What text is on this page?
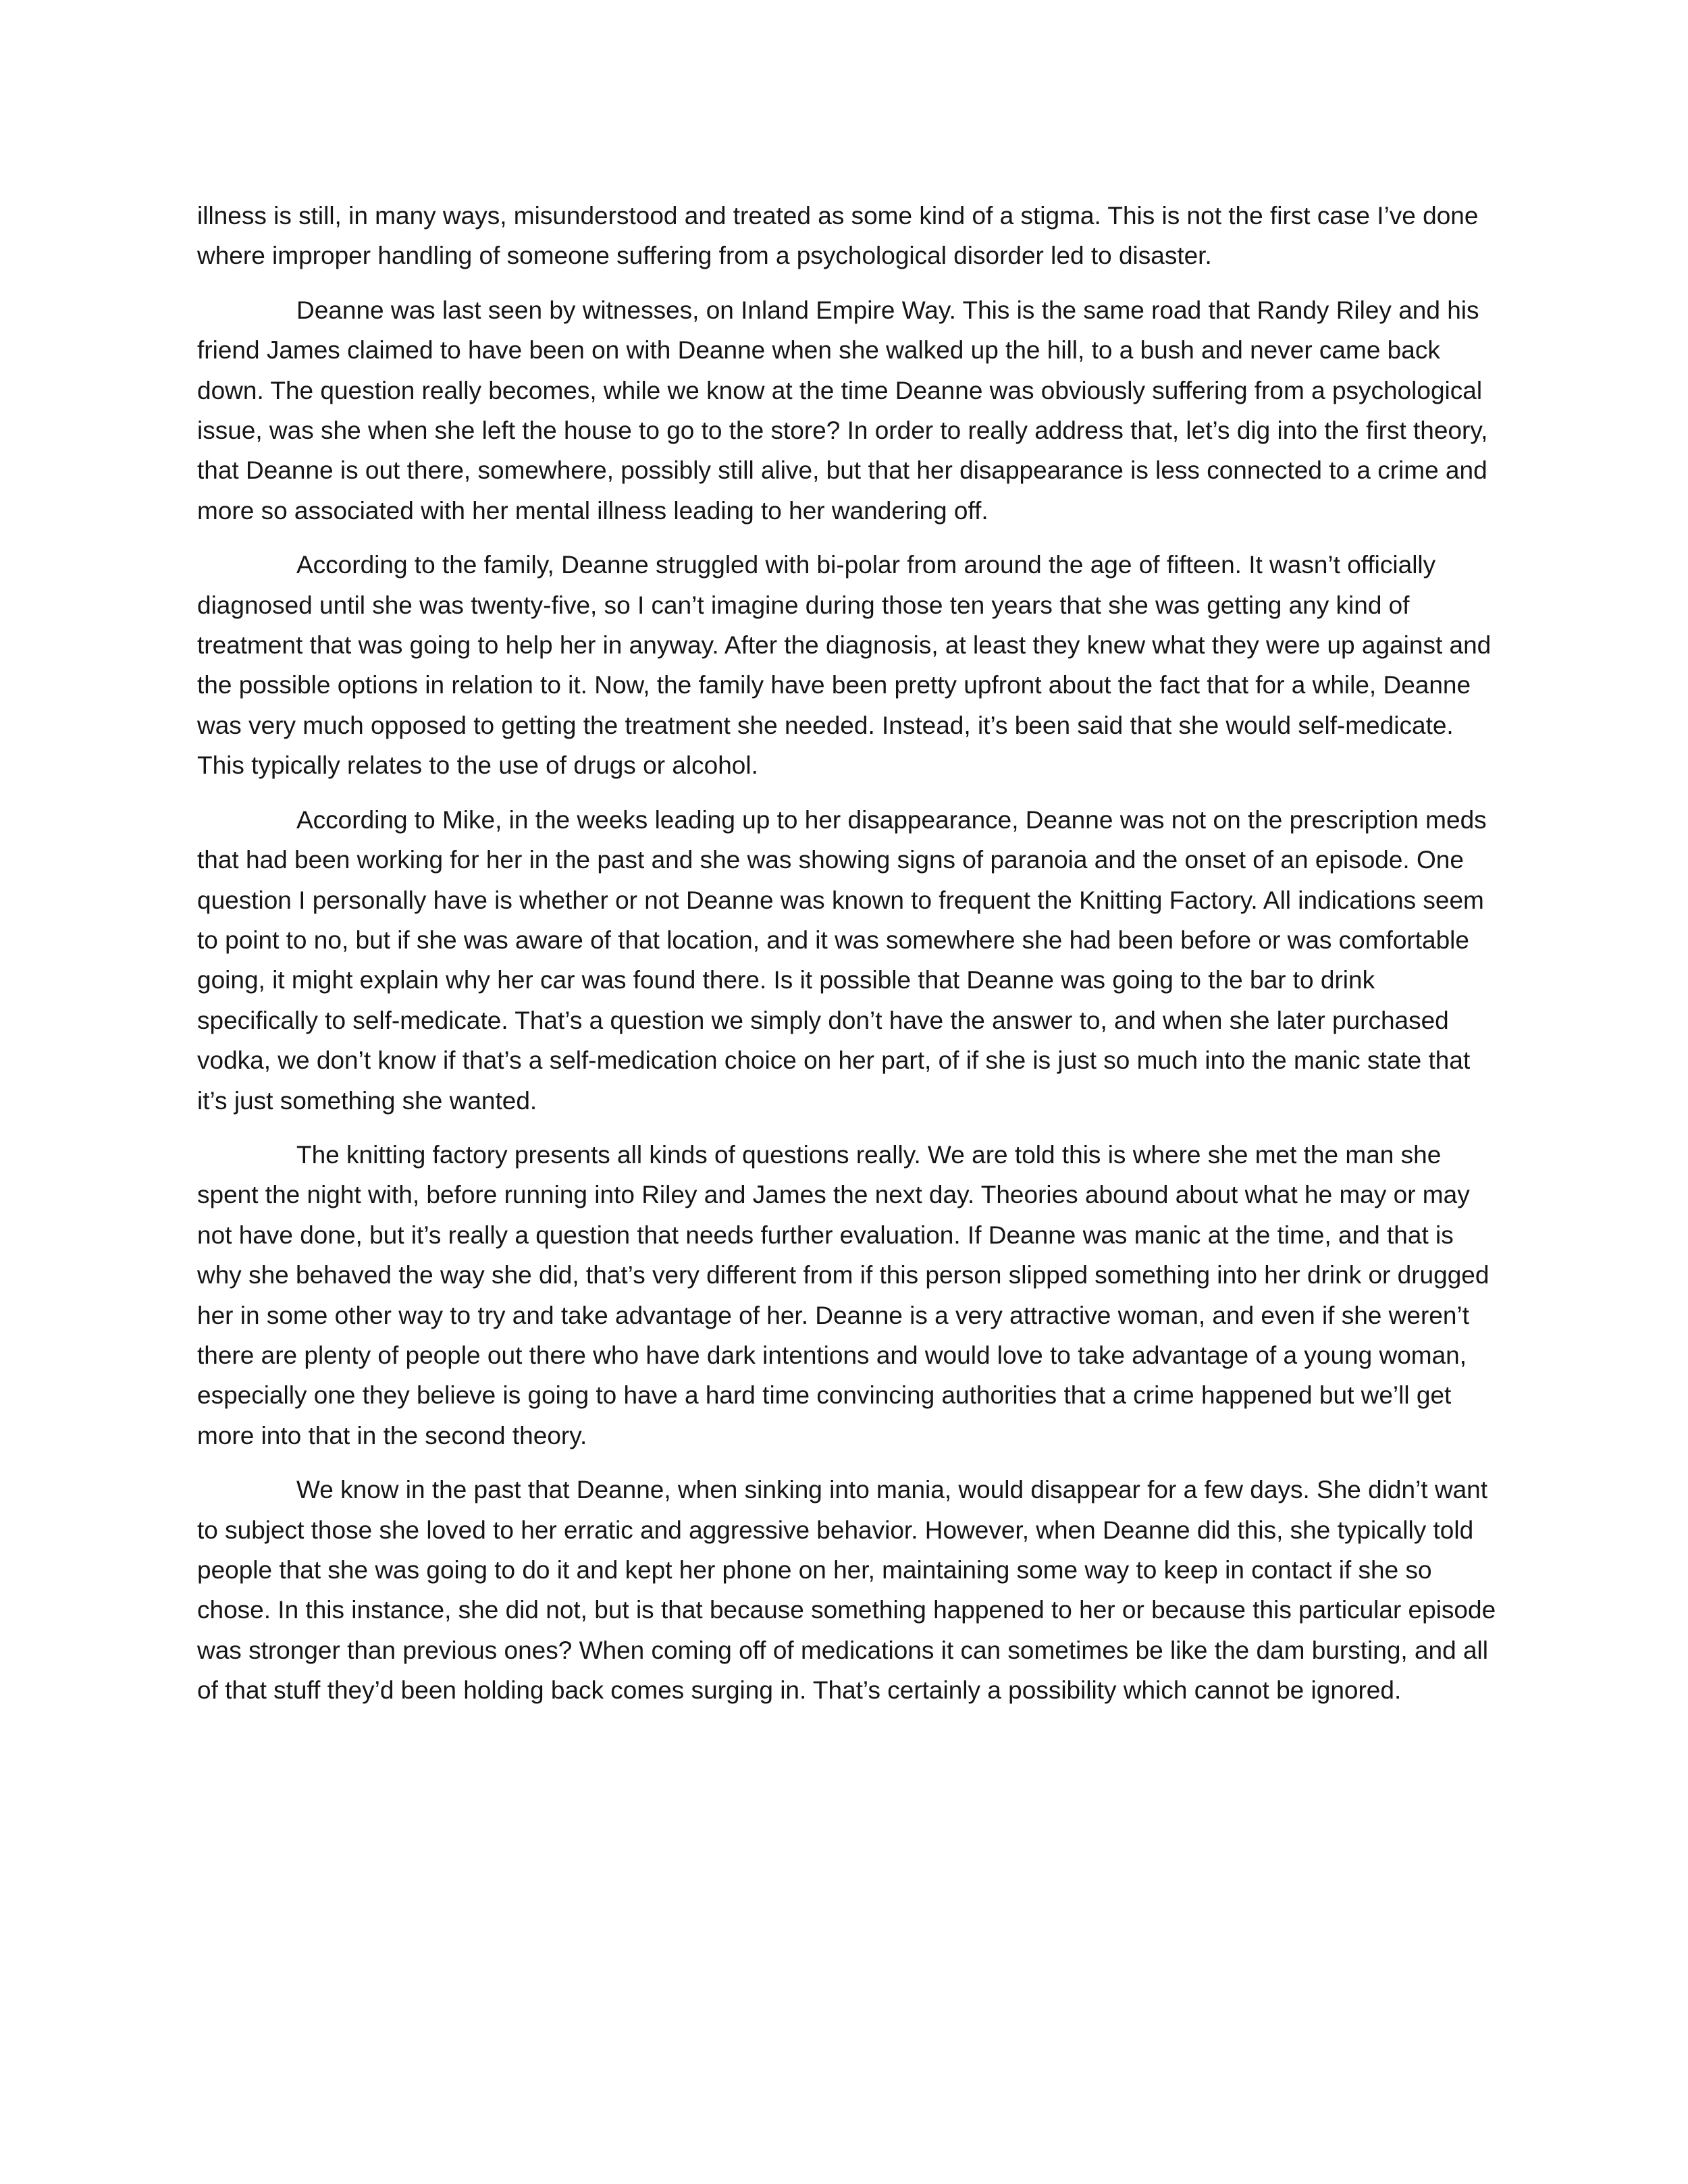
illness is still, in many ways, misunderstood and treated as some kind of a stigma. This is not the first case I’ve done where improper handling of someone suffering from a psychological disorder led to disaster.

Deanne was last seen by witnesses, on Inland Empire Way. This is the same road that Randy Riley and his friend James claimed to have been on with Deanne when she walked up the hill, to a bush and never came back down. The question really becomes, while we know at the time Deanne was obviously suffering from a psychological issue, was she when she left the house to go to the store? In order to really address that, let’s dig into the first theory, that Deanne is out there, somewhere, possibly still alive, but that her disappearance is less connected to a crime and more so associated with her mental illness leading to her wandering off.

According to the family, Deanne struggled with bi-polar from around the age of fifteen. It wasn’t officially diagnosed until she was twenty-five, so I can’t imagine during those ten years that she was getting any kind of treatment that was going to help her in anyway. After the diagnosis, at least they knew what they were up against and the possible options in relation to it. Now, the family have been pretty upfront about the fact that for a while, Deanne was very much opposed to getting the treatment she needed. Instead, it’s been said that she would self-medicate. This typically relates to the use of drugs or alcohol.

According to Mike, in the weeks leading up to her disappearance, Deanne was not on the prescription meds that had been working for her in the past and she was showing signs of paranoia and the onset of an episode. One question I personally have is whether or not Deanne was known to frequent the Knitting Factory. All indications seem to point to no, but if she was aware of that location, and it was somewhere she had been before or was comfortable going, it might explain why her car was found there. Is it possible that Deanne was going to the bar to drink specifically to self-medicate. That’s a question we simply don’t have the answer to, and when she later purchased vodka, we don’t know if that’s a self-medication choice on her part, of if she is just so much into the manic state that it’s just something she wanted.

The knitting factory presents all kinds of questions really. We are told this is where she met the man she spent the night with, before running into Riley and James the next day. Theories abound about what he may or may not have done, but it’s really a question that needs further evaluation. If Deanne was manic at the time, and that is why she behaved the way she did, that’s very different from if this person slipped something into her drink or drugged her in some other way to try and take advantage of her. Deanne is a very attractive woman, and even if she weren’t there are plenty of people out there who have dark intentions and would love to take advantage of a young woman, especially one they believe is going to have a hard time convincing authorities that a crime happened but we’ll get more into that in the second theory.

We know in the past that Deanne, when sinking into mania, would disappear for a few days. She didn’t want to subject those she loved to her erratic and aggressive behavior. However, when Deanne did this, she typically told people that she was going to do it and kept her phone on her, maintaining some way to keep in contact if she so chose. In this instance, she did not, but is that because something happened to her or because this particular episode was stronger than previous ones? When coming off of medications it can sometimes be like the dam bursting, and all of that stuff they’d been holding back comes surging in. That’s certainly a possibility which cannot be ignored.
